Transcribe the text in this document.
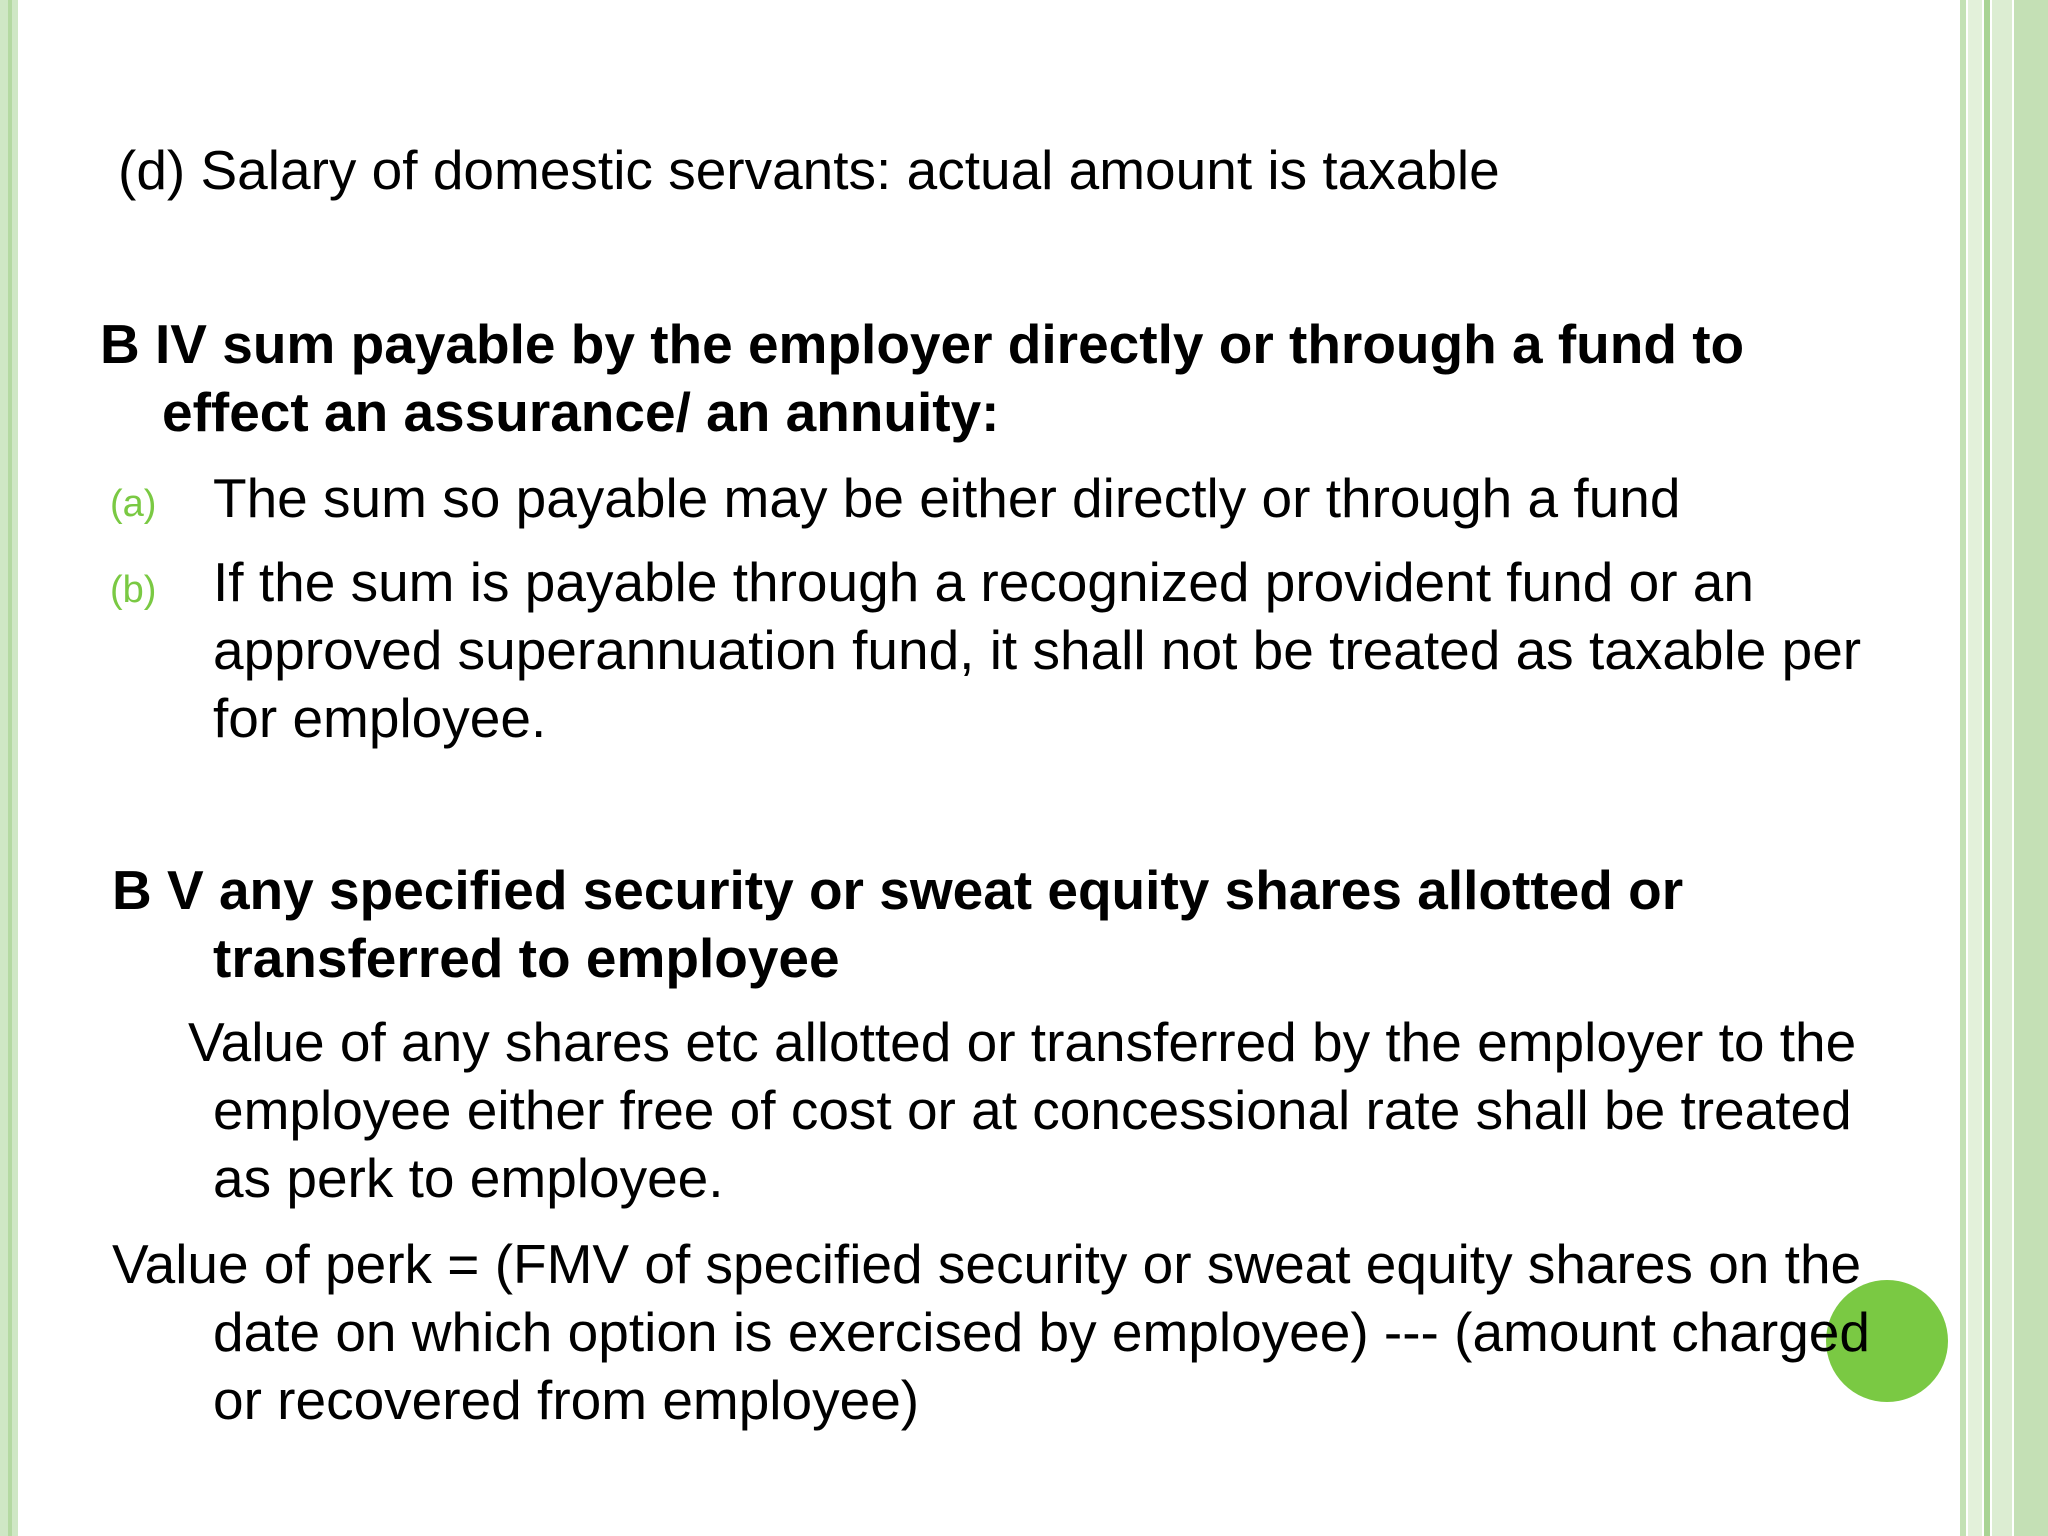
(d) Salary of domestic servants: actual amount is taxable
B IV sum payable by the employer directly or through a fund to
effect an assurance/ an annuity:
(a) The sum so payable may be either directly or through a fund
(b) If the sum is payable through a recognized provident fund or an
approved superannuation fund, it shall not be treated as taxable per
for employee.
B V any specified security or sweat equity shares allotted or
transferred to employee
Value of any shares etc allotted or transferred by the employer to the
employee either free of cost or at concessional rate shall be treated
as perk to employee.
Value of perk = (FMV of specified security or sweat equity shares on the
date on which option is exercised by employee) --- (amount charged
or recovered from employee)
